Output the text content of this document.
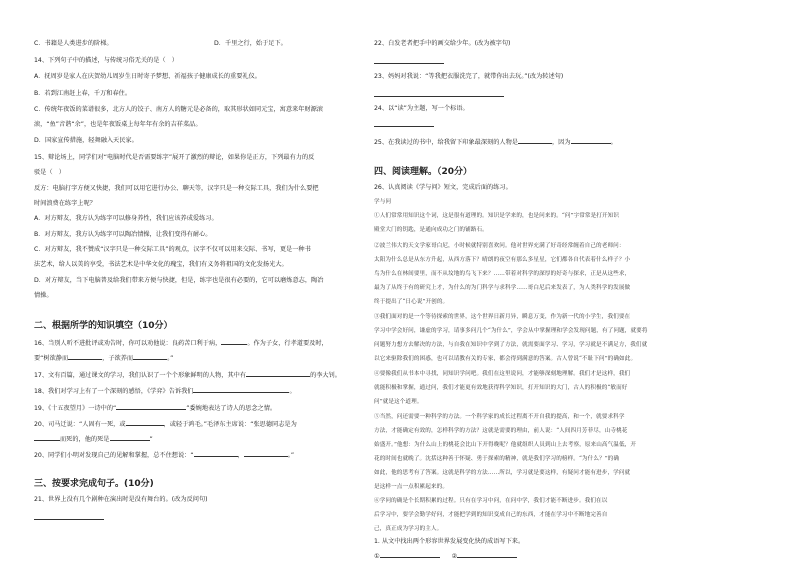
C．书籍是人类进步的阶梯。	D．千里之行，始于足下。
14、下列句子中的描述，与传统习俗无关的是（　）
A．抚周岁是家人在庆贺幼儿周岁生日时寄予梦想、祈福孩子健康成长的重要礼仪。
B．若到江南赶上春，千万和春住。
C．传统年夜饭的菜谱很多，北方人的饺子、南方人的糖元是必备的，取其形状如同元宝，寓意来年财源滚
滚，“鱼”音谐“余”，也是年夜饭桌上每年年有余的吉祥菜品。
D．国家宣传措施，轻舞融入天民家。
15、辩论场上，同学们对“电脑时代是否需要练字”展开了激烈的辩论，如果你是正方，下列最有力的反
驳是（　）
反方：电脑打字方便又快捷，我们可以用它进行办公、聊天等，汉字只是一种交际工具，我们为什么要把
时间浪费在练字上呢？
A．对方辩友，我方认为练字可以修身养性，我们应该养成爱练习。
B．对方辩友，我方认为练字可以陶冶情操，让我们变得有耐心。
C．对方辩友，我不赞成“汉字只是一种交际工具”的观点，汉字不仅可以用来交际、书写，更是一种书
法艺术，给人以美的享受，书法艺术是中华文化的瑰宝，我们有义务将祖国的文化发扬光大。
D．对方辩友，当下电脑普及给我们带来方便与快捷，但是，练字也是很有必要的，它可以磨炼意志，陶冶
情操。
二、根据所学的知识填空（10分）
16、当别人听不进批评或劝告时，你可以劝他说：良药苦口利于病，	。作为子女，行孝道要及时，
要“树欲静而	，子欲养而	。”
17、文有百篇，通过课文的学习，我们认识了一个个形象鲜明的人物，其中有	的李大钊。
18、我们对学习上有了一个深刻的感悟，《学弈》告诉我们	。
19、《十五夜望月》一诗中的“	”委婉地表达了诗人的思念之情。
20、司马迁说：“人固有一死，或	，或轻于鸿毛。”毛泽东主席说：“张思德同志是为
而死的，他的死是	”
20、同学们小明对发现自己的见解和掌握，总不住想说：“	，	。”
三、按要求完成句子。(10分)
21、世界上没有几个剧种在演出时是没有舞台的。(改为反问句)
22、白发老者把手中的画交给少年。(改为被字句)
23、妈妈对我说：“等我把衣服洗完了，就带你出去玩。”(改为转述句)
24、以“读”为主题，写一个标语。
25、在我读过的书中，给我留下印象最深刻的人物是	，因为	。
四、阅读理解。（20分）
26、认真阅读《学与问》短文，完成后面的练习。
学与问
①人们常常用知识这个词，这是很有道理的。知识是学来的，也是问来的。“问”字常常是打开知识
殿堂大门的钥匙，是通向成功之门的铺路石。
②波兰伟大的天文学家哥白尼，小时候就特别喜欢问。他对世界充满了好奇经常缠着自己的老师问：
太阳为什么总是从东方升起，从西方落下？晴朗的夜空有那么多星星，它们都各自代表着什么样子？小
鸟为什么在林间要里，而不从坟地的鸟飞下来？……带着对科学的深厚的好奇与探求，正是从这些求，
最为了从终于有的研究上才，为什么的为门科学与求科学……哥白尼后来发表了，为人类科学的发展做
终于提出了“日心说”开创的。
③我们面对的是一个等待探索的世界，这个世界日新月异，瞬息万变，作为新一代的小学生，我们要在
学习中学会好问，谦虚的学习，请事多问几个“为什么”，学会从中掌握理和学会发现问题，有了问题，就要将
问题努力想方去解决的方法，与自我在知识中学到了方法，就需要面学习、学习，学习就是不满足方，我们就
以它来驱除我们的困惑，也可以请教有关的专家，都会得到满意的答案。古人曾说“不耻下问”的确如此。
④要像我们从书本中寻找，同知识学问吧。我们在这里说问，才能够深刻地理解。我们才是这样，我们
就能积极和掌握，通过问，我们才能更有效地获得科学知识，打开知识的大门，古人的积极的“敏而好
问”就是这个道理。
⑤当然，问还需要一种科学的方法。一个科学家的成长过程离不开自我的提高，和一个，就要求科学
方法，才能确定有效的，怎样科学的方法？这就是需要的理由，前人说：“人间四月芳菲尽，山寺桃花
始盛开。”他想：为什么山上的桃花会比山下开得晚呢？他就组织人员到山上去考察，原来山高气温低，开
花的时间也就晚了。沈括这种善于怀疑、勇于探索的精神，就是我们学习的榜样。“为什么？”的确
如此，他的思考有了答案。这就是科学的方法……所以，学习就是要这样，有疑问才能有进步，学问就
是这样一点一点积累起来的。
⑥学问的确是个长期积累的过程。只有在学习中问，在问中学，我们才能不断进步。我们在以
后学习中，要学会勤学好问，才能把学到的知识变成自己的东西，才能在学习中不断地完善自
己，真正成为学习的主人。
1. 从文中找出两个形容世界发展变化快的成语写下来。
①	②
